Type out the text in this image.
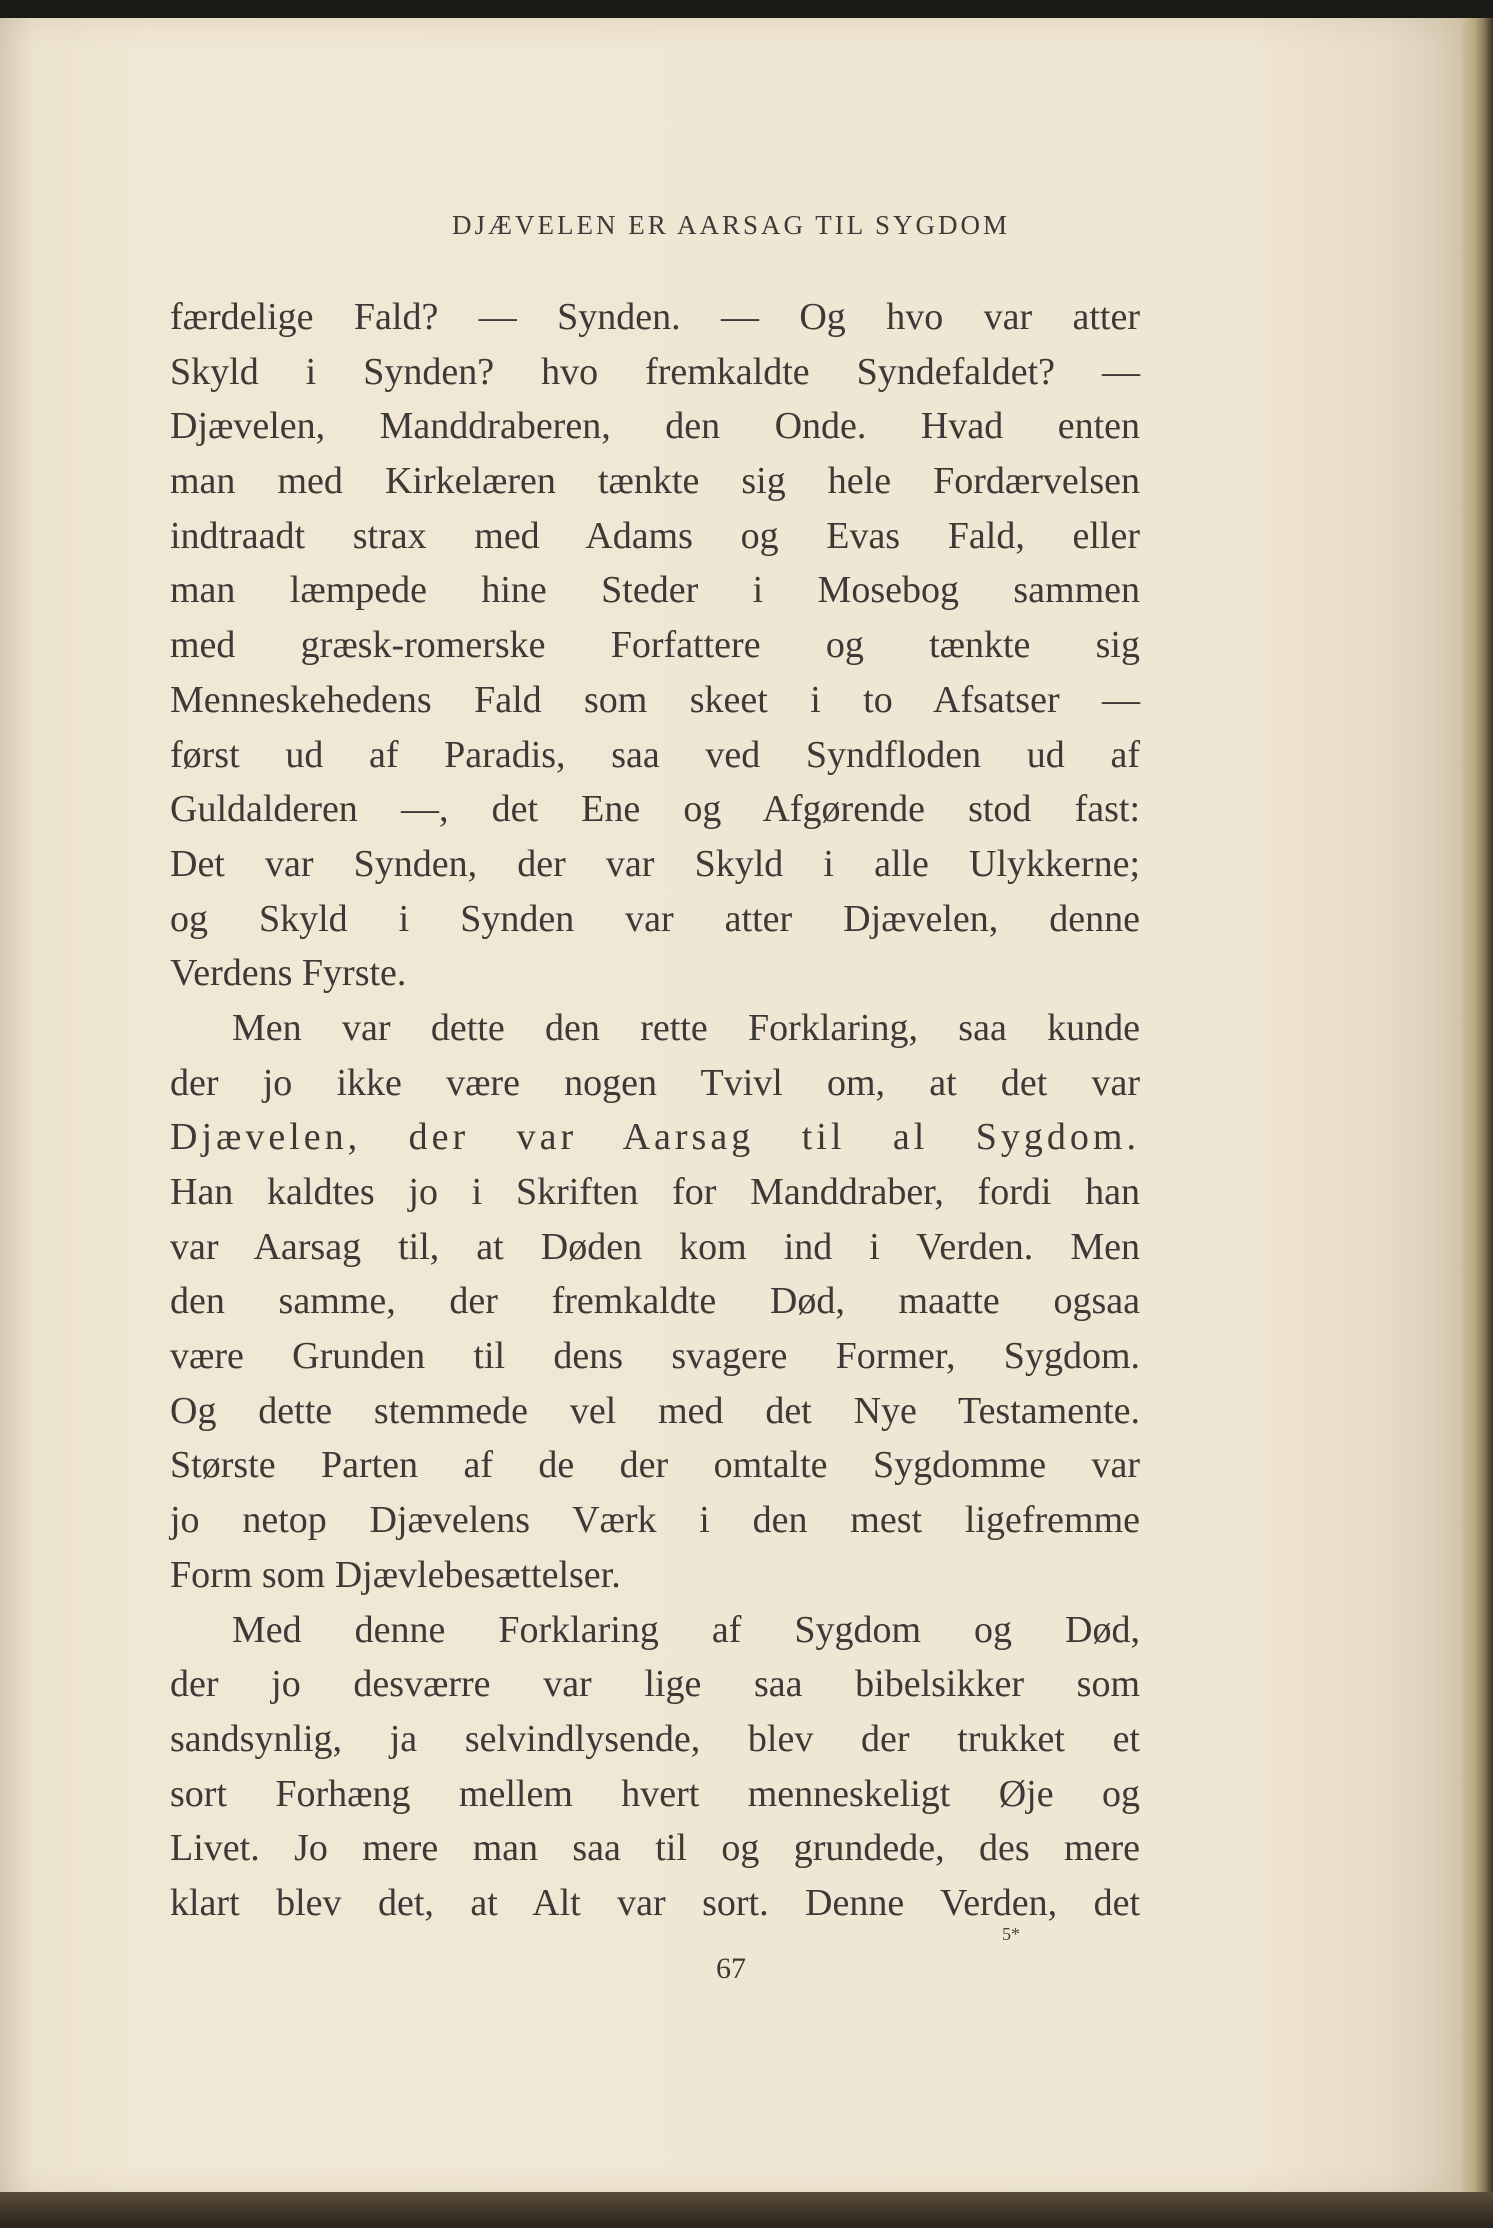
DJÆVELEN ER AARSAG TIL SYGDOM
færdelige Fald? — Synden. — Og hvo var atter
Skyld i Synden? hvo fremkaldte Syndefaldet? —
Djævelen, Manddraberen, den Onde. Hvad enten
man med Kirkelæren tænkte sig hele Fordærvelsen
indtraadt strax med Adams og Evas Fald, eller
man læmpede hine Steder i Mosebog sammen
med græsk-romerske Forfattere og tænkte sig
Menneskehedens Fald som skeet i to Afsatser —
først ud af Paradis, saa ved Syndfloden ud af
Guldalderen —, det Ene og Afgørende stod fast:
Det var Synden, der var Skyld i alle Ulykkerne;
og Skyld i Synden var atter Djævelen, denne
Verdens Fyrste.
Men var dette den rette Forklaring, saa kunde
der jo ikke være nogen Tvivl om, at det var
Djævelen, der var Aarsag til al Sygdom.
Han kaldtes jo i Skriften for Manddraber, fordi han
var Aarsag til, at Døden kom ind i Verden. Men
den samme, der fremkaldte Død, maatte ogsaa
være Grunden til dens svagere Former, Sygdom.
Og dette stemmede vel med det Nye Testamente.
Største Parten af de der omtalte Sygdomme var
jo netop Djævelens Værk i den mest ligefremme
Form som Djævlebesættelser.
Med denne Forklaring af Sygdom og Død,
der jo desværre var lige saa bibelsikker som
sandsynlig, ja selvindlysende, blev der trukket et
sort Forhæng mellem hvert menneskeligt Øje og
Livet. Jo mere man saa til og grundede, des mere
klart blev det, at Alt var sort. Denne Verden, det
5*
67
